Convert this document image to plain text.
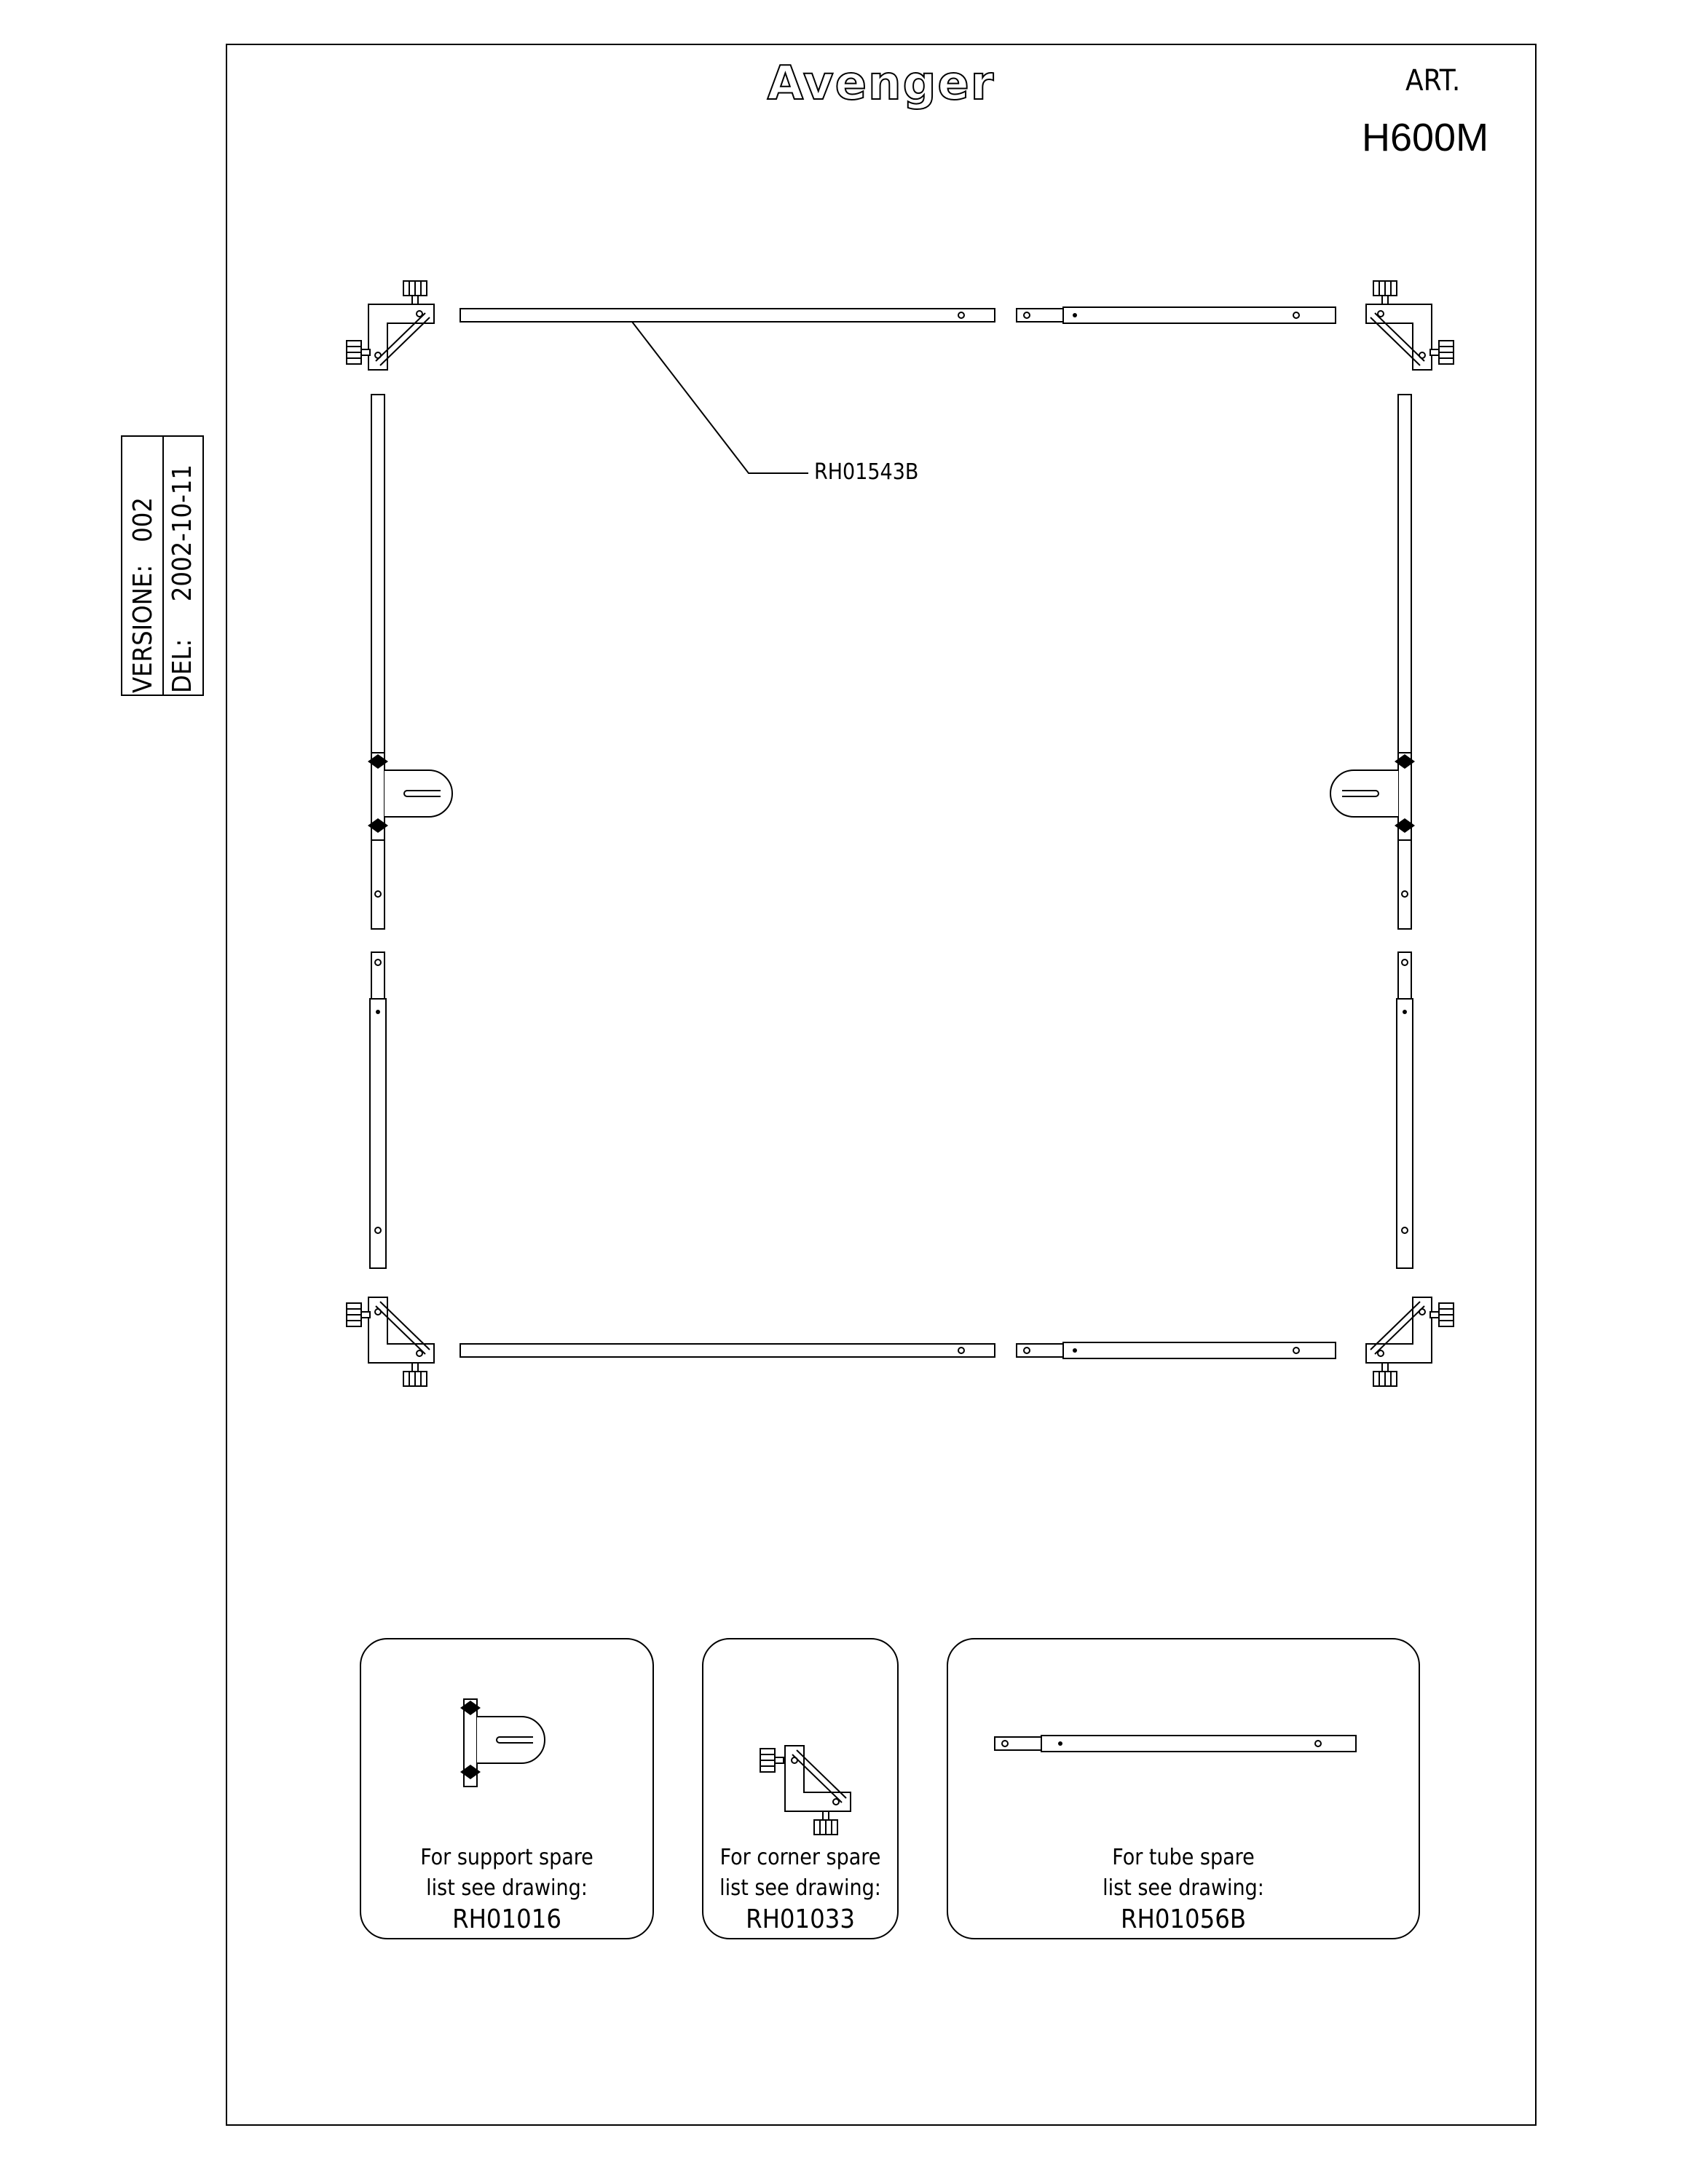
Avenger	ART.
H600M
VERSIONE:   002
DEL:     2002-10-11	RH01543B
For support spare
list see drawing:
RH01016
For corner spare
list see drawing:
RH01033
For tube spare
list see drawing:
RH01056B
